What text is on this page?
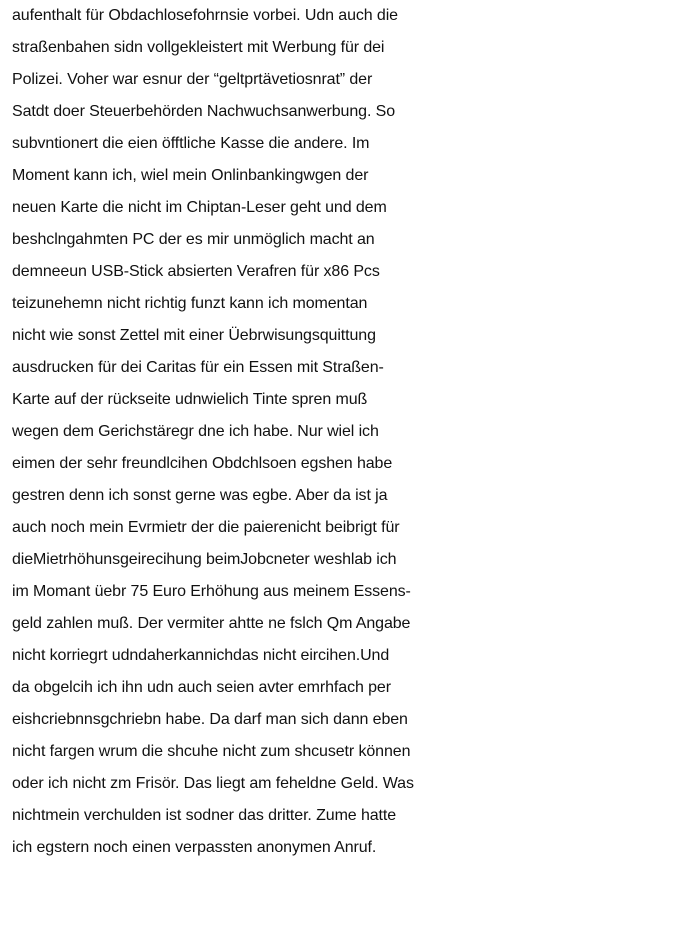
aufenthalt für Obdachlosefohrnsie vorbei. Udn auch die
straßenbahen sidn vollgekleistert mit Werbung für dei
Polizei. Voher war esnur der “geltprtävetiosnrat” der
Satdt doer Steuerbehörden Nachwuchsanwerbung. So
subvntionert die eien öfftliche Kasse die andere. Im
Moment kann ich, wiel mein Onlinbankingwgen der
neuen Karte die nicht im Chiptan-Leser geht und dem
beshclngahmten PC der es mir unmöglich macht an
demneeun USB-Stick absierten Verafren für x86 Pcs
teizunehemn nicht richtig funzt kann ich momentan
nicht wie sonst Zettel mit einer Üebrwisungsquittung
ausdrucken für dei Caritas für ein Essen mit Straßen-
Karte auf der rückseite udnwielich Tinte spren muß
wegen dem Gerichstäregr dne ich habe. Nur wiel ich
eimen der sehr freundlcihen Obdchlsoen egshen habe
gestren denn ich sonst gerne was egbe. Aber da ist ja
auch noch mein Evrmietr der die paierenicht beibrigt für
dieMietrhöhunsgeirecihung beimJobcneter weshlab ich
im Momant üebr 75 Euro Erhöhung aus meinem Essens-
geld zahlen muß. Der vermiter ahtte ne fslch Qm Angabe
nicht korriegrt udndaherkannichdas nicht eircihen.Und
da obgelcih ich ihn udn auch seien avter emrhfach per
eishcriebnnsgchriebn habe. Da darf man sich dann eben
nicht fargen wrum die shcuhe nicht zum shcusetr können
oder ich nicht zm Frisör. Das liegt am feheldne Geld. Was
nichtmein verchulden ist sodner das dritter. Zume hatte
ich egstern noch einen verpassten anonymen Anruf.
